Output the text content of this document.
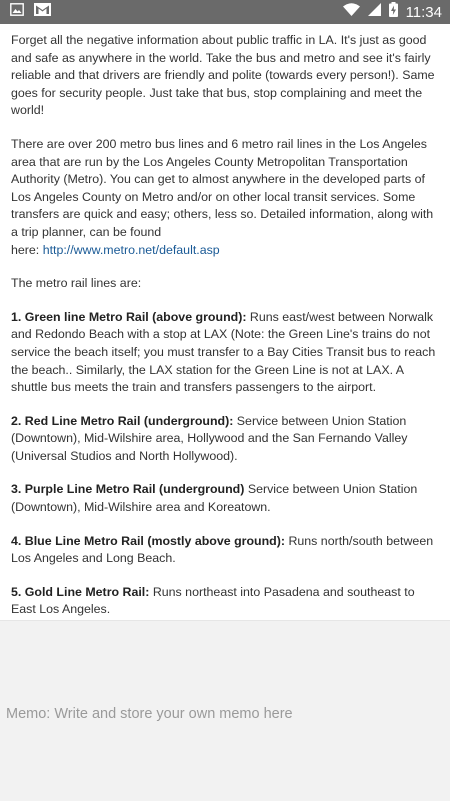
11:34

Forget all the negative information about public traffic in LA. It's just as good and safe as anywhere in the world. Take the bus and metro and see it's fairly reliable and that drivers are friendly and polite (towards every person!). Same goes for security people. Just take that bus, stop complaining and meet the world!

There are over 200 metro bus lines and 6 metro rail lines in the Los Angeles area that are run by the Los Angeles County Metropolitan Transportation Authority (Metro). You can get to almost anywhere in the developed parts of Los Angeles County on Metro and/or on other local transit services. Some transfers are quick and easy; others, less so. Detailed information, along with a trip planner, can be found
here: http://www.metro.net/default.asp

The metro rail lines are:

1. Green line Metro Rail (above ground): Runs east/west between Norwalk and Redondo Beach with a stop at LAX (Note: the Green Line's trains do not service the beach itself; you must transfer to a Bay Cities Transit bus to reach the beach.. Similarly, the LAX station for the Green Line is not at LAX. A shuttle bus meets the train and transfers passengers to the airport.

2. Red Line Metro Rail (underground): Service between Union Station (Downtown), Mid-Wilshire area, Hollywood and the San Fernando Valley (Universal Studios and North Hollywood).

3. Purple Line Metro Rail (underground) Service between Union Station (Downtown), Mid-Wilshire area and Koreatown.

4. Blue Line Metro Rail (mostly above ground): Runs north/south between Los Angeles and Long Beach.

5. Gold Line Metro Rail: Runs northeast into Pasadena and southeast to East Los Angeles.

Memo: Write and store your own memo here
